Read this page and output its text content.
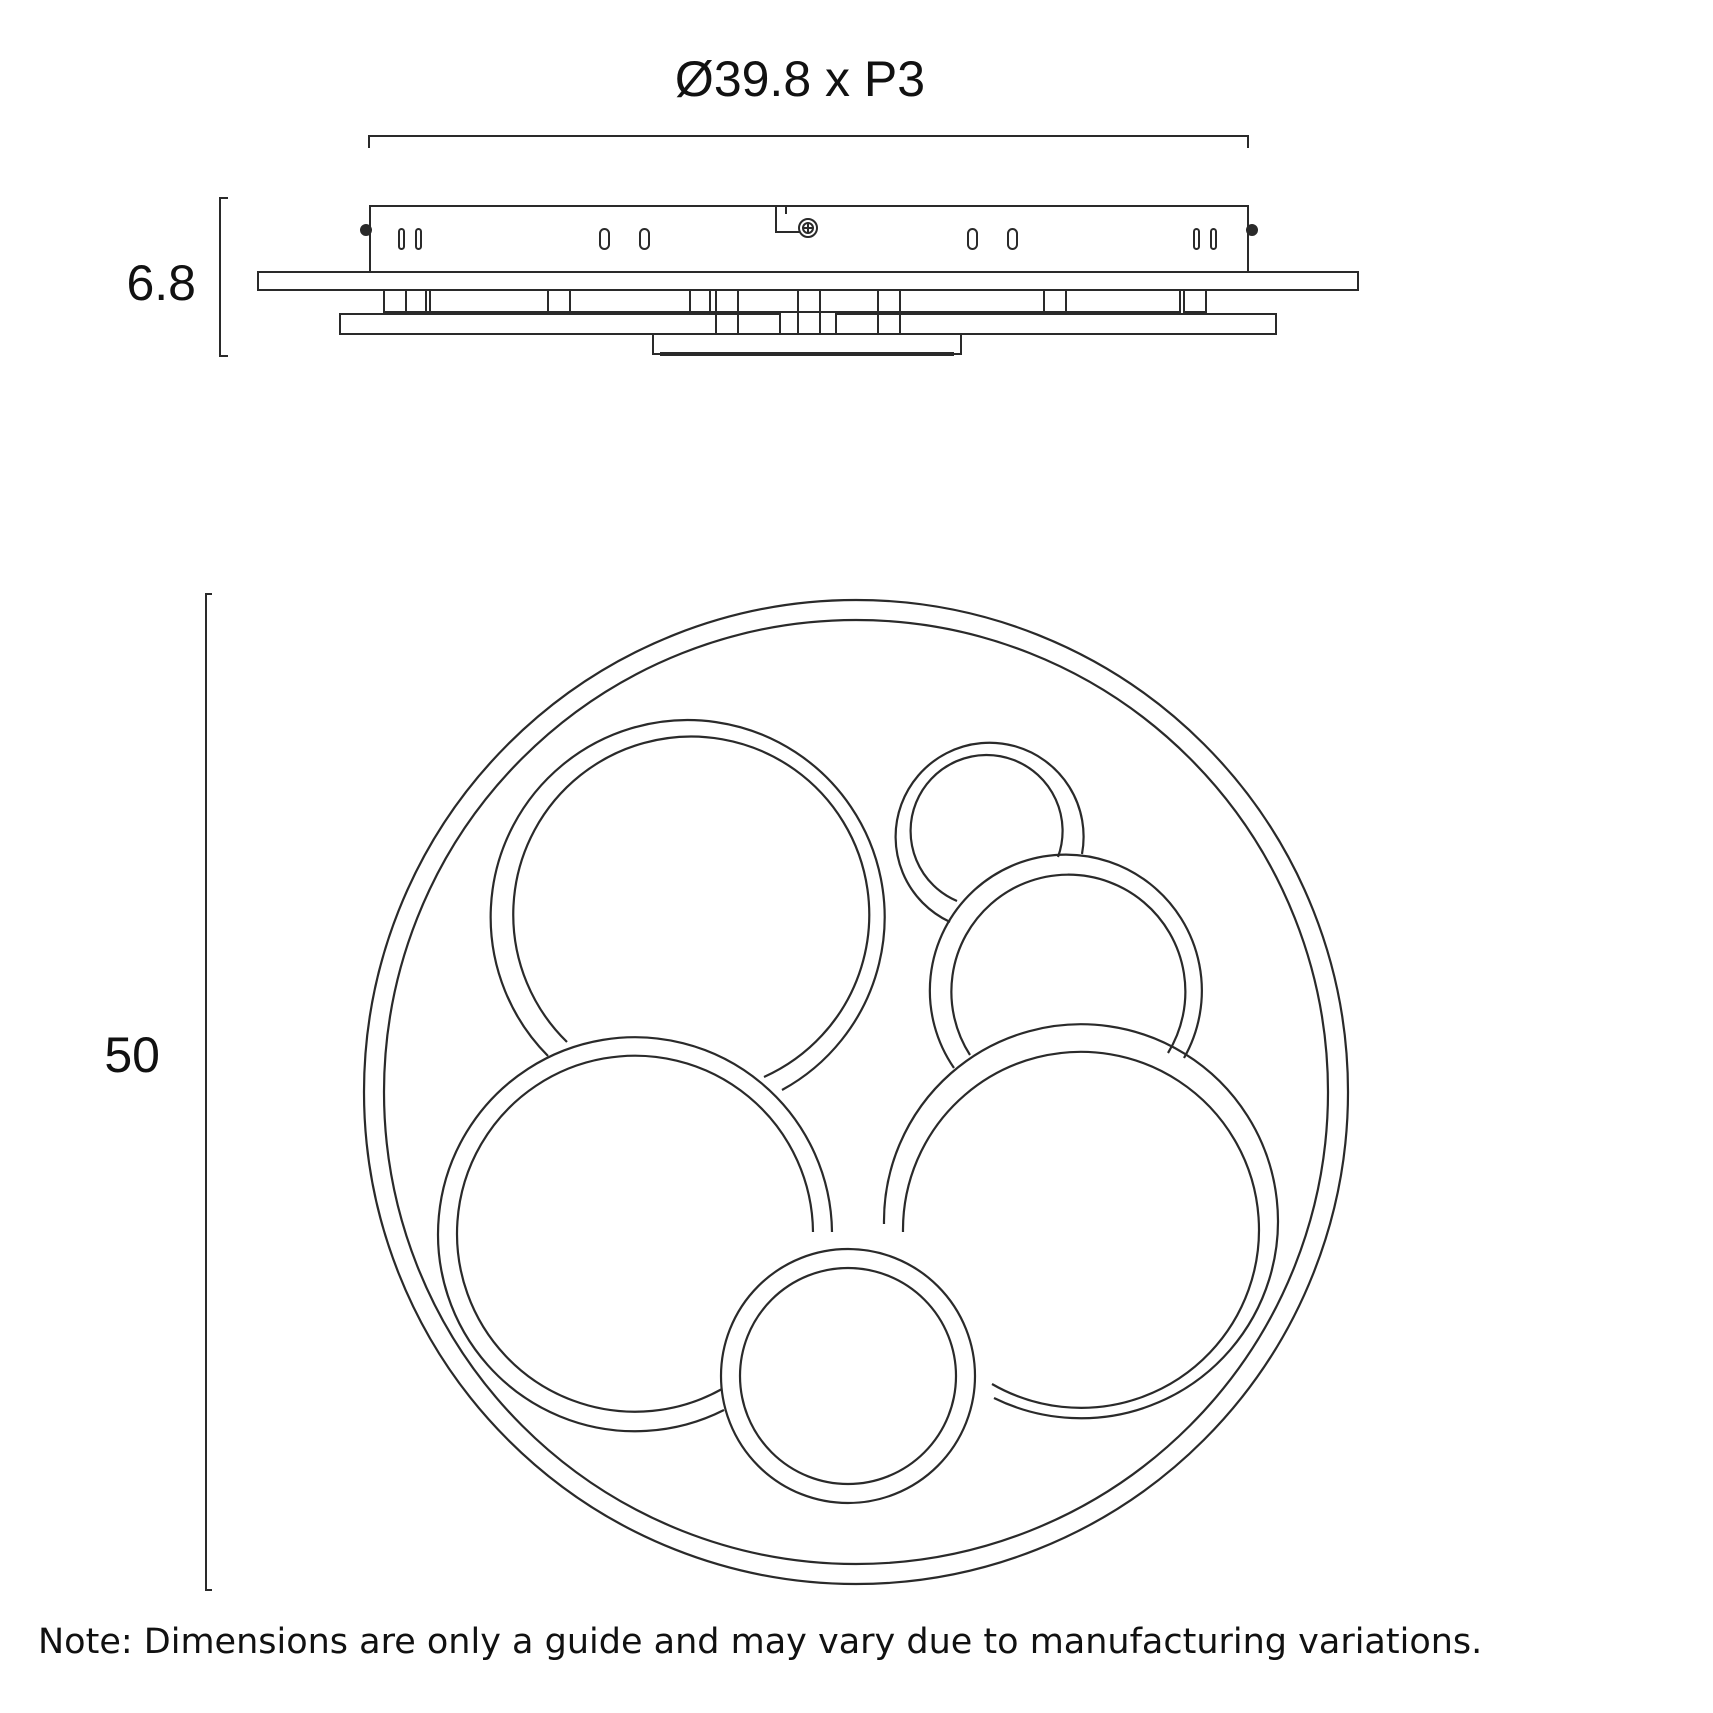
Ø39.8 x P3
6.8
50
Note: Dimensions are only a guide and may vary due to manufacturing variations.
